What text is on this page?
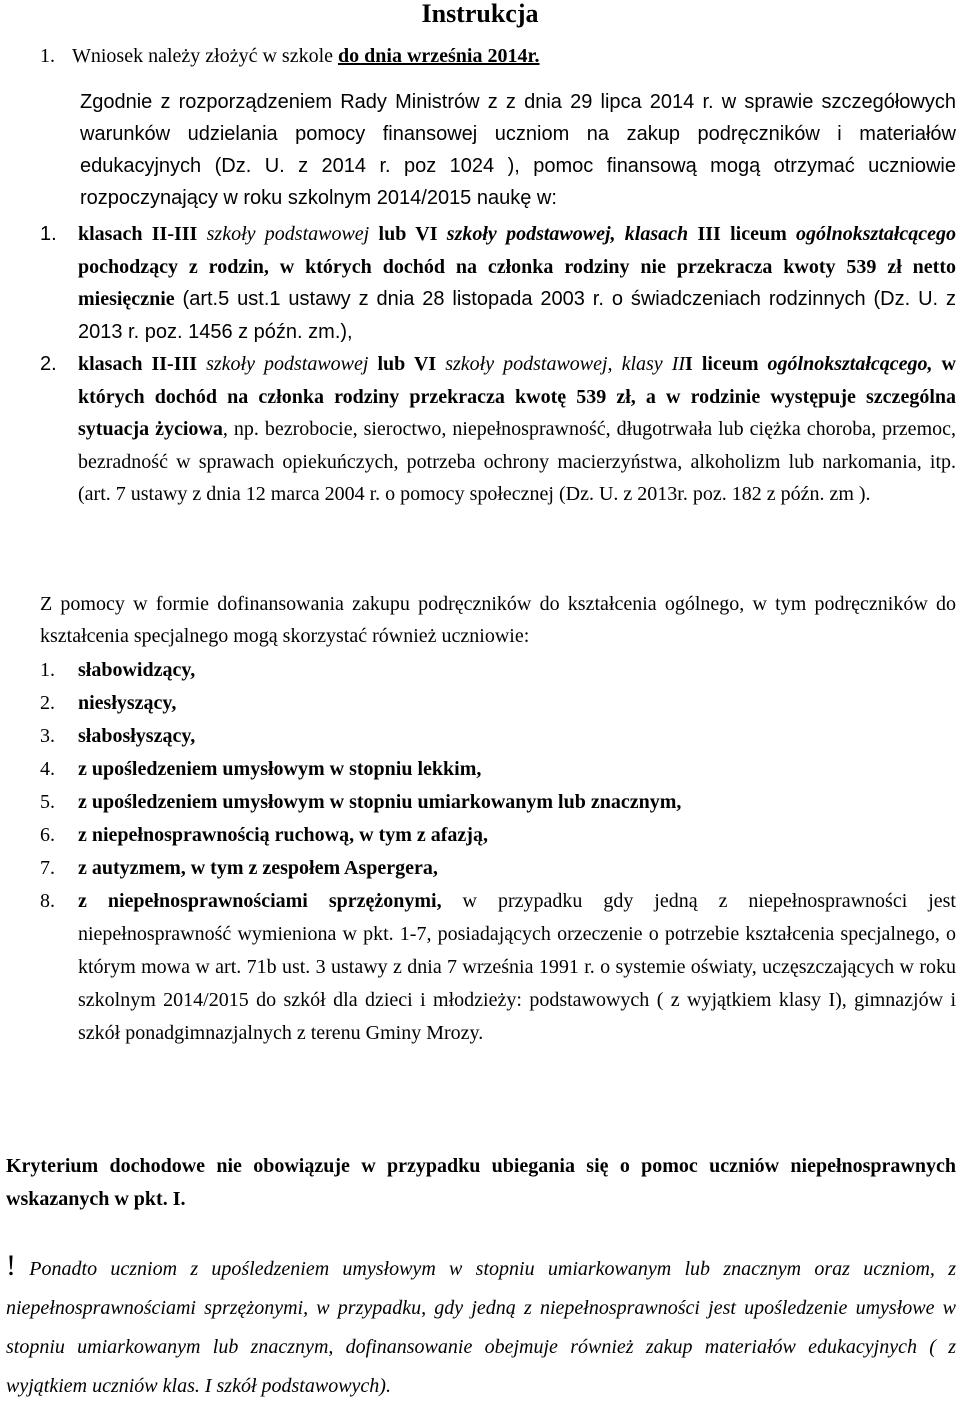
Instrukcja
1. Wniosek należy złożyć w szkole do dnia września 2014r.
Zgodnie z rozporządzeniem Rady Ministrów z z dnia 29 lipca 2014 r. w sprawie szczegółowych warunków udzielania pomocy finansowej uczniom na zakup podręczników i materiałów edukacyjnych (Dz. U. z 2014 r. poz 1024 ), pomoc finansową mogą otrzymać uczniowie rozpoczynający w roku szkolnym 2014/2015 naukę w:
1. klasach II-III szkoły podstawowej lub VI szkoły podstawowej, klasach III liceum ogólnokształcącego pochodzący z rodzin, w których dochód na członka rodziny nie przekracza kwoty 539 zł netto miesięcznie (art.5 ust.1 ustawy z dnia 28 listopada 2003 r. o świadczeniach rodzinnych (Dz. U. z 2013 r. poz. 1456 z późn. zm.),
2. klasach II-III szkoły podstawowej lub VI szkoły podstawowej, klasy III liceum ogólnokształcącego, w których dochód na członka rodziny przekracza kwotę 539 zł, a w rodzinie występuje szczególna sytuacja życiowa, np. bezrobocie, sieroctwo, niepełnosprawność, długotrwała lub ciężka choroba, przemoc, bezradność w sprawach opiekuńczych, potrzeba ochrony macierzyństwa, alkoholizm lub narkomania, itp. (art. 7 ustawy z dnia 12 marca 2004 r. o pomocy społecznej (Dz. U. z 2013r. poz. 182 z późn. zm ).
Z pomocy w formie dofinansowania zakupu podręczników do kształcenia ogólnego, w tym podręczników do kształcenia specjalnego mogą skorzystać również uczniowie:
1. słabowidzący,
2. niesłyszący,
3. słabosłyszący,
4. z upośledzeniem umysłowym w stopniu lekkim,
5. z upośledzeniem umysłowym w stopniu umiarkowanym lub znacznym,
6. z niepełnosprawnością ruchową, w tym z afazją,
7. z autyzmem, w tym z zespołem Aspergera,
8. z niepełnosprawnościami sprzężonymi, w przypadku gdy jedną z niepełnosprawności jest niepełnosprawność wymieniona w pkt. 1-7, posiadających orzeczenie o potrzebie kształcenia specjalnego, o którym mowa w art. 71b ust. 3 ustawy z dnia 7 września 1991 r. o systemie oświaty, uczęszczających w roku szkolnym 2014/2015 do szkół dla dzieci i młodzieży: podstawowych ( z wyjątkiem klasy I), gimnazjów i szkół ponadgimnazjalnych z terenu Gminy Mrozy.
Kryterium dochodowe nie obowiązuje w przypadku ubiegania się o pomoc uczniów niepełnosprawnych wskazanych w pkt. I.
! Ponadto uczniom z upośledzeniem umysłowym w stopniu umiarkowanym lub znacznym oraz uczniom, z niepełnosprawnościami sprzężonymi, w przypadku, gdy jedną z niepełnosprawności jest upośledzenie umysłowe w stopniu umiarkowanym lub znacznym, dofinansowanie obejmuje również zakup materiałów edukacyjnych ( z wyjątkiem uczniów klas. I szkół podstawowych).
